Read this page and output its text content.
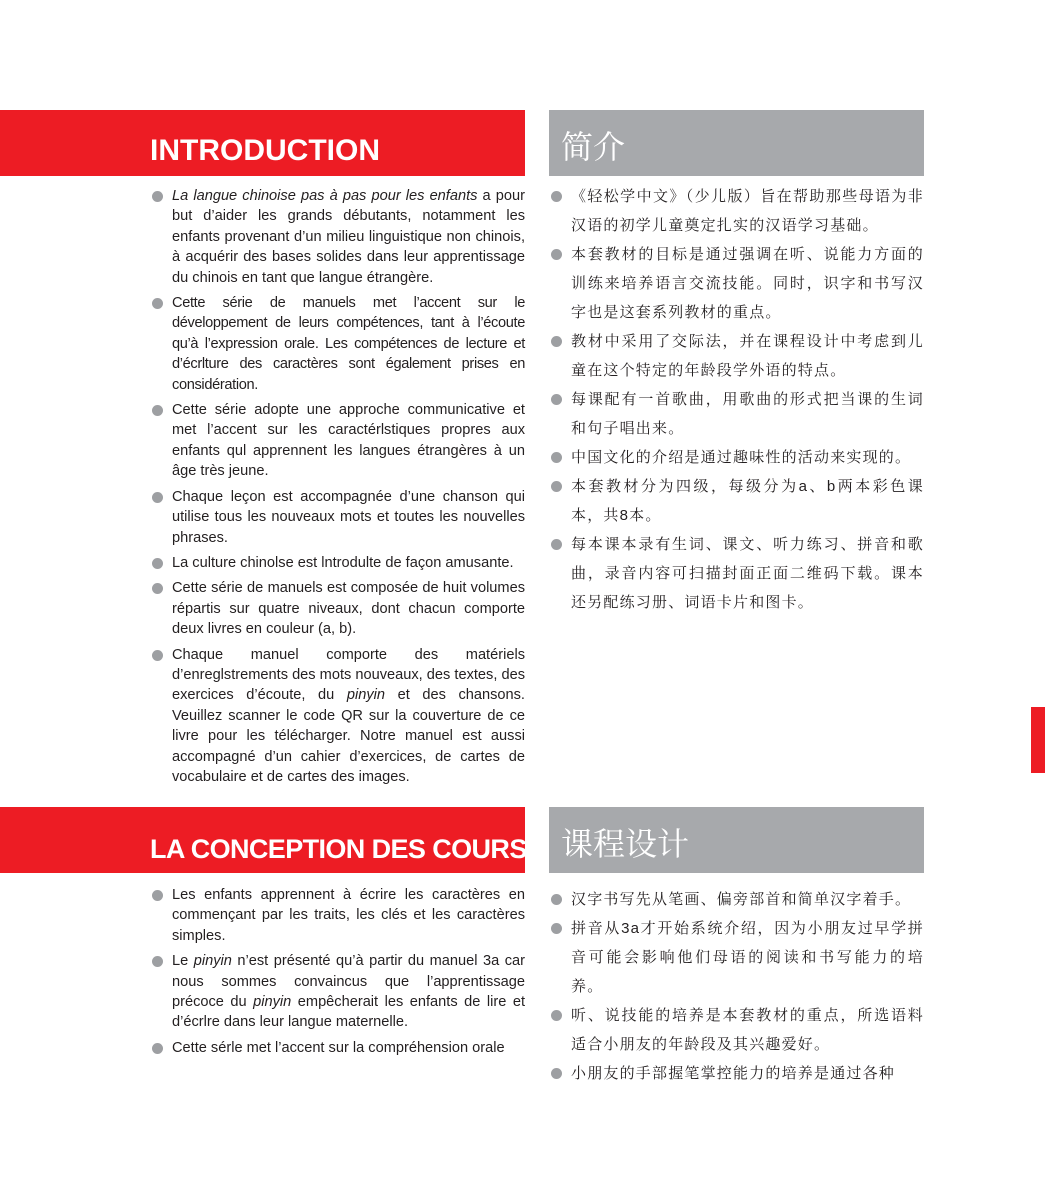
INTRODUCTION	简介
La langue chinoise pas à pas pour les enfants a pour but d’aider les grands débutants, notamment les enfants provenant d’un milieu linguistique non chinois, à acquérir des bases solides dans leur apprentissage du chinois en tant que langue étrangère.
Cette série de manuels met l’accent sur le développement de leurs compétences, tant à l’écoute qu’à l’expression orale. Les compétences de lecture et d’écrlture des caractères sont également prises en considération.
Cette série adopte une approche communicative et met l’accent sur les caractérlstiques propres aux enfants qul apprennent les langues étrangères à un âge très jeune.
Chaque leçon est accompagnée d’une chanson qui utilise tous les nouveaux mots et toutes les nouvelles phrases.
La culture chinolse est lntrodulte de façon amusante.
Cette série de manuels est composée de huit volumes répartis sur quatre niveaux, dont chacun comporte deux livres en couleur (a, b).
Chaque manuel comporte des matériels d’enreglstrements des mots nouveaux, des textes, des exercices d’écoute, du pinyin et des chansons. Veuillez scanner le code QR sur la couverture de ce livre pour les télécharger. Notre manuel est aussi accompagné d’un cahier d’exercices, de cartes de vocabulaire et de cartes des images.
《轻松学中文》（少儿版）旨在帮助那些母语为非汉语的初学儿童奠定扎实的汉语学习基础。
本套教材的目标是通过强调在听、说能力方面的训练来培养语言交流技能。同时，识字和书写汉字也是这套系列教材的重点。
教材中采用了交际法，并在课程设计中考虑到儿童在这个特定的年龄段学外语的特点。
每课配有一首歌曲，用歌曲的形式把当课的生词和句子唱出来。
中国文化的介绍是通过趣味性的活动来实现的。
本套教材分为四级，每级分为a、b两本彩色课本，共8本。
每本课本录有生词、课文、听力练习、拼音和歌曲，录音内容可扫描封面正面二维码下载。课本还另配练习册、词语卡片和图卡。
LA CONCEPTION DES COURS 课程设计
Les enfants apprennent à écrire les caractères en commençant par les traits, les clés et les caractères simples.
Le pinyin n’est présenté qu’à partir du manuel 3a car nous sommes convaincus que l’apprentissage précoce du pinyin empêcherait les enfants de lire et d’écrlre dans leur langue maternelle.
Cette sérle met l’accent sur la compréhension orale
汉字书写先从笔画、偏旁部首和简单汉字着手。
拼音从3a才开始系统介绍，因为小朋友过早学拼音可能会影响他们母语的阅读和书写能力的培养。
听、说技能的培养是本套教材的重点，所选语料适合小朋友的年龄段及其兴趣爱好。
小朋友的手部握笔掌控能力的培养是通过各种
